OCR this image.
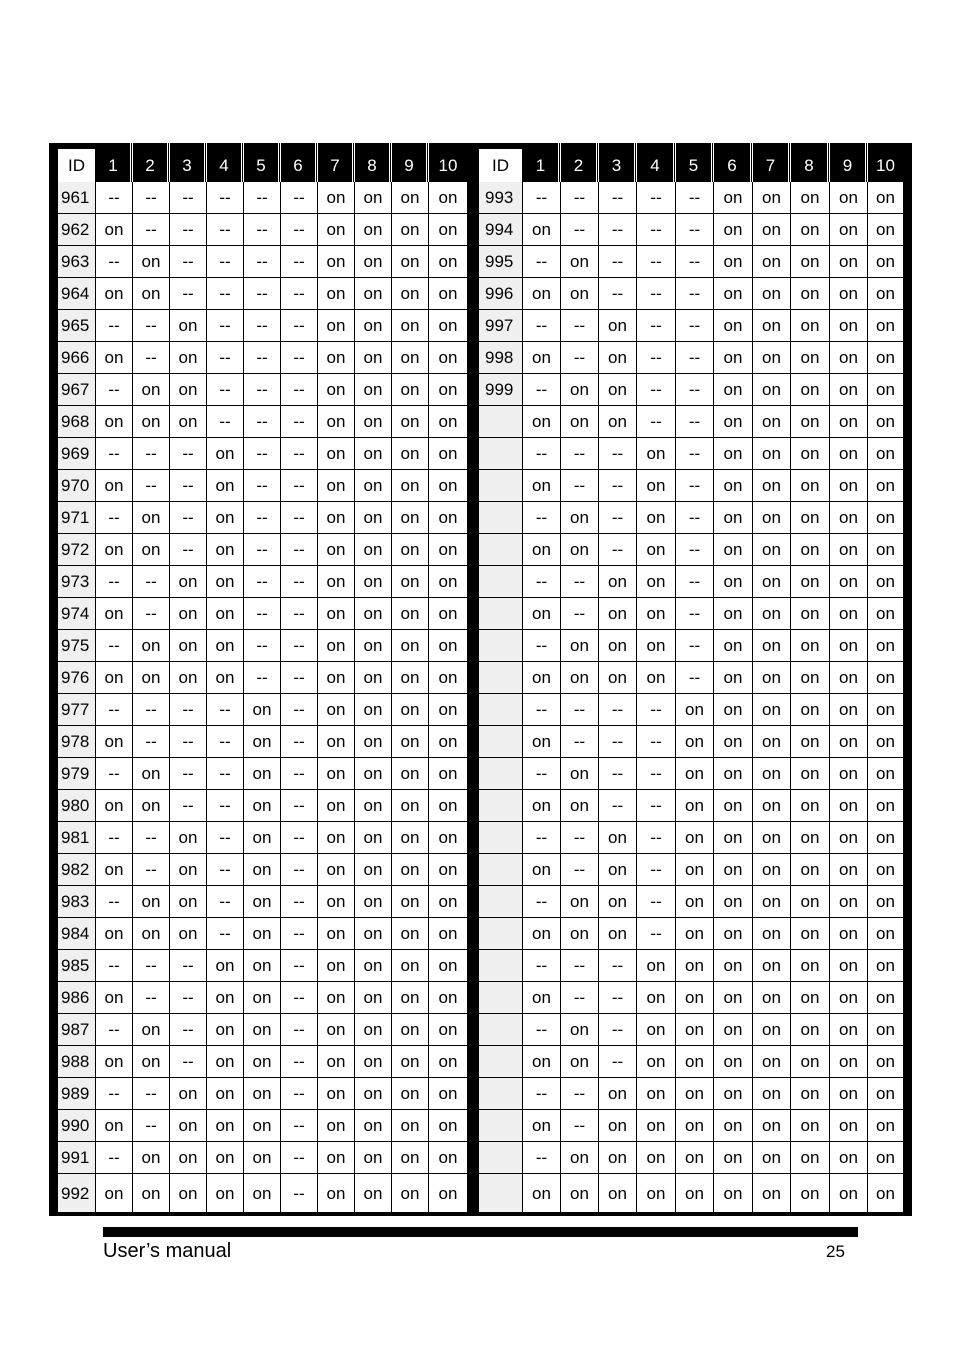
ID	1	2	3	4	5	6	7	8	9	10
961	--	--	--	--	--	--	on	on	on	on
962	on	--	--	--	--	--	on	on	on	on
963	--	on	--	--	--	--	on	on	on	on
964	on	on	--	--	--	--	on	on	on	on
965	--	--	on	--	--	--	on	on	on	on
966	on	--	on	--	--	--	on	on	on	on
967	--	on	on	--	--	--	on	on	on	on
968	on	on	on	--	--	--	on	on	on	on
969	--	--	--	on	--	--	on	on	on	on
970	on	--	--	on	--	--	on	on	on	on
971	--	on	--	on	--	--	on	on	on	on
972	on	on	--	on	--	--	on	on	on	on
973	--	--	on	on	--	--	on	on	on	on
974	on	--	on	on	--	--	on	on	on	on
975	--	on	on	on	--	--	on	on	on	on
976	on	on	on	on	--	--	on	on	on	on
977	--	--	--	--	on	--	on	on	on	on
978	on	--	--	--	on	--	on	on	on	on
979	--	on	--	--	on	--	on	on	on	on
980	on	on	--	--	on	--	on	on	on	on
981	--	--	on	--	on	--	on	on	on	on
982	on	--	on	--	on	--	on	on	on	on
983	--	on	on	--	on	--	on	on	on	on
984	on	on	on	--	on	--	on	on	on	on
985	--	--	--	on	on	--	on	on	on	on
986	on	--	--	on	on	--	on	on	on	on
987	--	on	--	on	on	--	on	on	on	on
988	on	on	--	on	on	--	on	on	on	on
989	--	--	on	on	on	--	on	on	on	on
990	on	--	on	on	on	--	on	on	on	on
991	--	on	on	on	on	--	on	on	on	on
992	on	on	on	on	on	--	on	on	on	on
ID	1	2	3	4	5	6	7	8	9	10
993	--	--	--	--	--	on	on	on	on	on
994	on	--	--	--	--	on	on	on	on	on
995	--	on	--	--	--	on	on	on	on	on
996	on	on	--	--	--	on	on	on	on	on
997	--	--	on	--	--	on	on	on	on	on
998	on	--	on	--	--	on	on	on	on	on
999	--	on	on	--	--	on	on	on	on	on
	on	on	on	--	--	on	on	on	on	on
	--	--	--	on	--	on	on	on	on	on
	on	--	--	on	--	on	on	on	on	on
	--	on	--	on	--	on	on	on	on	on
	on	on	--	on	--	on	on	on	on	on
	--	--	on	on	--	on	on	on	on	on
	on	--	on	on	--	on	on	on	on	on
	--	on	on	on	--	on	on	on	on	on
	on	on	on	on	--	on	on	on	on	on
	--	--	--	--	on	on	on	on	on	on
	on	--	--	--	on	on	on	on	on	on
	--	on	--	--	on	on	on	on	on	on
	on	on	--	--	on	on	on	on	on	on
	--	--	on	--	on	on	on	on	on	on
	on	--	on	--	on	on	on	on	on	on
	--	on	on	--	on	on	on	on	on	on
	on	on	on	--	on	on	on	on	on	on
	--	--	--	on	on	on	on	on	on	on
	on	--	--	on	on	on	on	on	on	on
	--	on	--	on	on	on	on	on	on	on
	on	on	--	on	on	on	on	on	on	on
	--	--	on	on	on	on	on	on	on	on
	on	--	on	on	on	on	on	on	on	on
	--	on	on	on	on	on	on	on	on	on
	on	on	on	on	on	on	on	on	on	on
User’s manual	25
